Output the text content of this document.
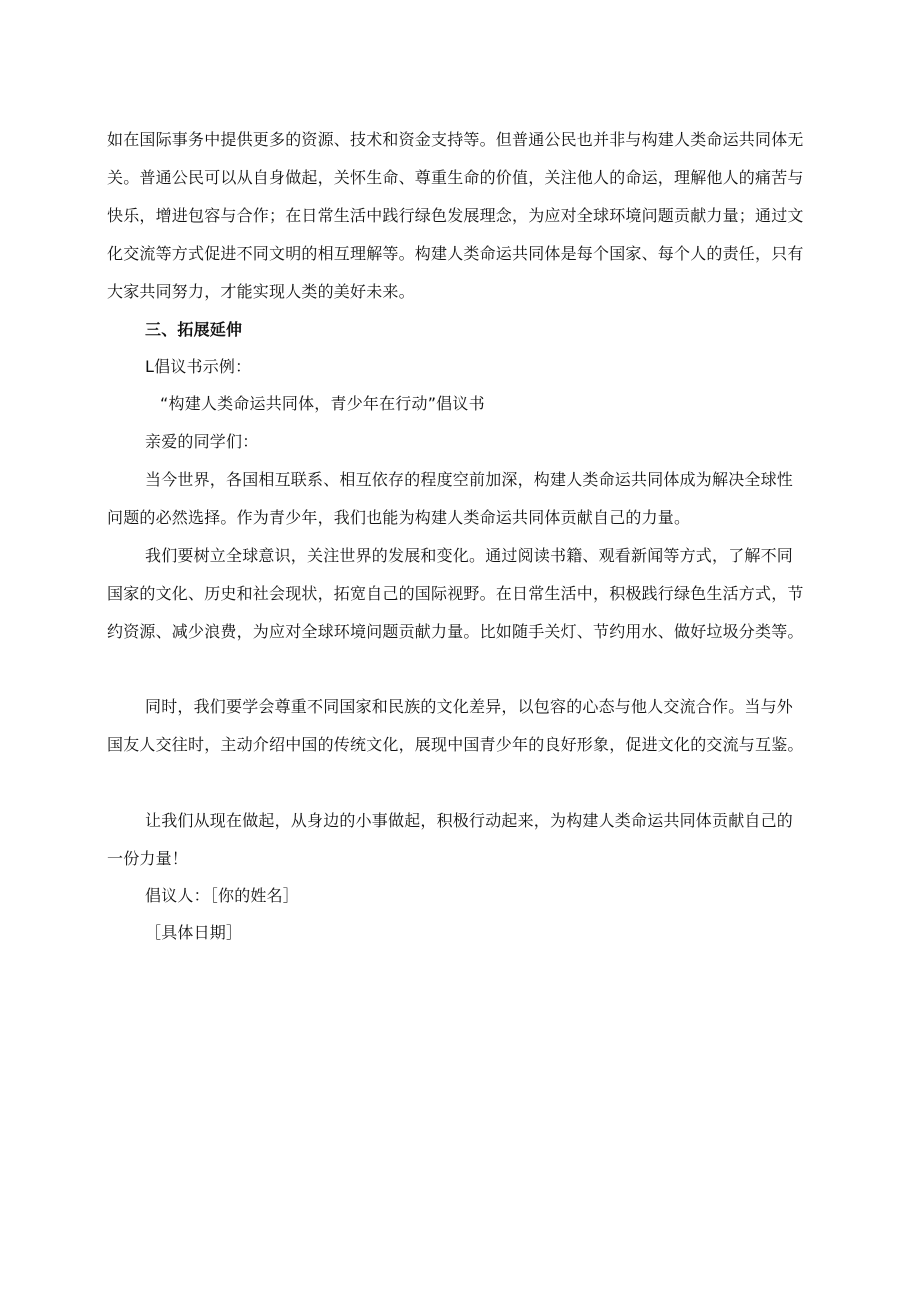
如在国际事务中提供更多的资源、技术和资金支持等。但普通公民也并非与构建人类命运共同体无关。普通公民可以从自身做起，关怀生命、尊重生命的价值，关注他人的命运，理解他人的痛苦与快乐，增进包容与合作；在日常生活中践行绿色发展理念，为应对全球环境问题贡献力量；通过文化交流等方式促进不同文明的相互理解等。构建人类命运共同体是每个国家、每个人的责任，只有大家共同努力，才能实现人类的美好未来。
三、拓展延伸
L倡议书示例：
“构建人类命运共同体，青少年在行动”倡议书
亲爱的同学们：
当今世界，各国相互联系、相互依存的程度空前加深，构建人类命运共同体成为解决全球性问题的必然选择。作为青少年，我们也能为构建人类命运共同体贡献自己的力量。
我们要树立全球意识，关注世界的发展和变化。通过阅读书籍、观看新闻等方式，了解不同国家的文化、历史和社会现状，拓宽自己的国际视野。在日常生活中，积极践行绿色生活方式，节约资源、减少浪费，为应对全球环境问题贡献力量。比如随手关灯、节约用水、做好垃圾分类等。
同时，我们要学会尊重不同国家和民族的文化差异，以包容的心态与他人交流合作。当与外国友人交往时，主动介绍中国的传统文化，展现中国青少年的良好形象，促进文化的交流与互鉴。
让我们从现在做起，从身边的小事做起，积极行动起来，为构建人类命运共同体贡献自己的一份力量！
倡议人：［你的姓名］
［具体日期］
